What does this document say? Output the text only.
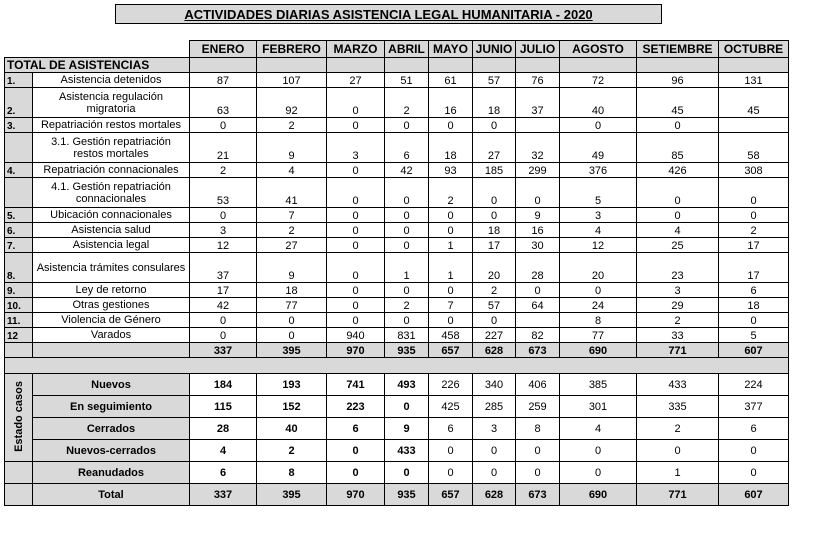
ACTIVIDADES DIARIAS ASISTENCIA LEGAL HUMANITARIA - 2020
		ENERO	FEBRERO	MARZO	ABRIL	MAYO	JUNIO	JULIO	AGOSTO	SETIEMBRE	OCTUBRE
TOTAL DE ASISTENCIAS											
1.	Asistencia detenidos	87	107	27	51	61	57	76	72	96	131
2.	Asistencia regulación migratoria	63	92	0	2	16	18	37	40	45	45
3.	Repatriación restos mortales	0	2	0	0	0	0		0	0	
	3.1. Gestión repatriación restos mortales	21	9	3	6	18	27	32	49	85	58
4.	Repatriación connacionales	2	4	0	42	93	185	299	376	426	308
	4.1. Gestión repatriación connacionales	53	41	0	0	2	0	0	5	0	0
5.	Ubicación connacionales	0	7	0	0	0	0	9	3	0	0
6.	Asistencia salud	3	2	0	0	0	18	16	4	4	2
7.	Asistencia legal	12	27	0	0	1	17	30	12	25	17
8.	Asistencia trámites consulares	37	9	0	1	1	20	28	20	23	17
9.	Ley de retorno	17	18	0	0	0	2	0	0	3	6
10.	Otras gestiones	42	77	0	2	7	57	64	24	29	18
11.	Violencia de Género	0	0	0	0	0	0		8	2	0
12	Varados	0	0	940	831	458	227	82	77	33	5
		337	395	970	935	657	628	673	690	771	607

Estado casos	Nuevos	184	193	741	493	226	340	406	385	433	224
	En seguimiento	115	152	223	0	425	285	259	301	335	377
	Cerrados	28	40	6	9	6	3	8	4	2	6
	Nuevos-cerrados	4	2	0	433	0	0	0	0	0	0
	Reanudados	6	8	0	0	0	0	0	0	1	0
	Total	337	395	970	935	657	628	673	690	771	607
